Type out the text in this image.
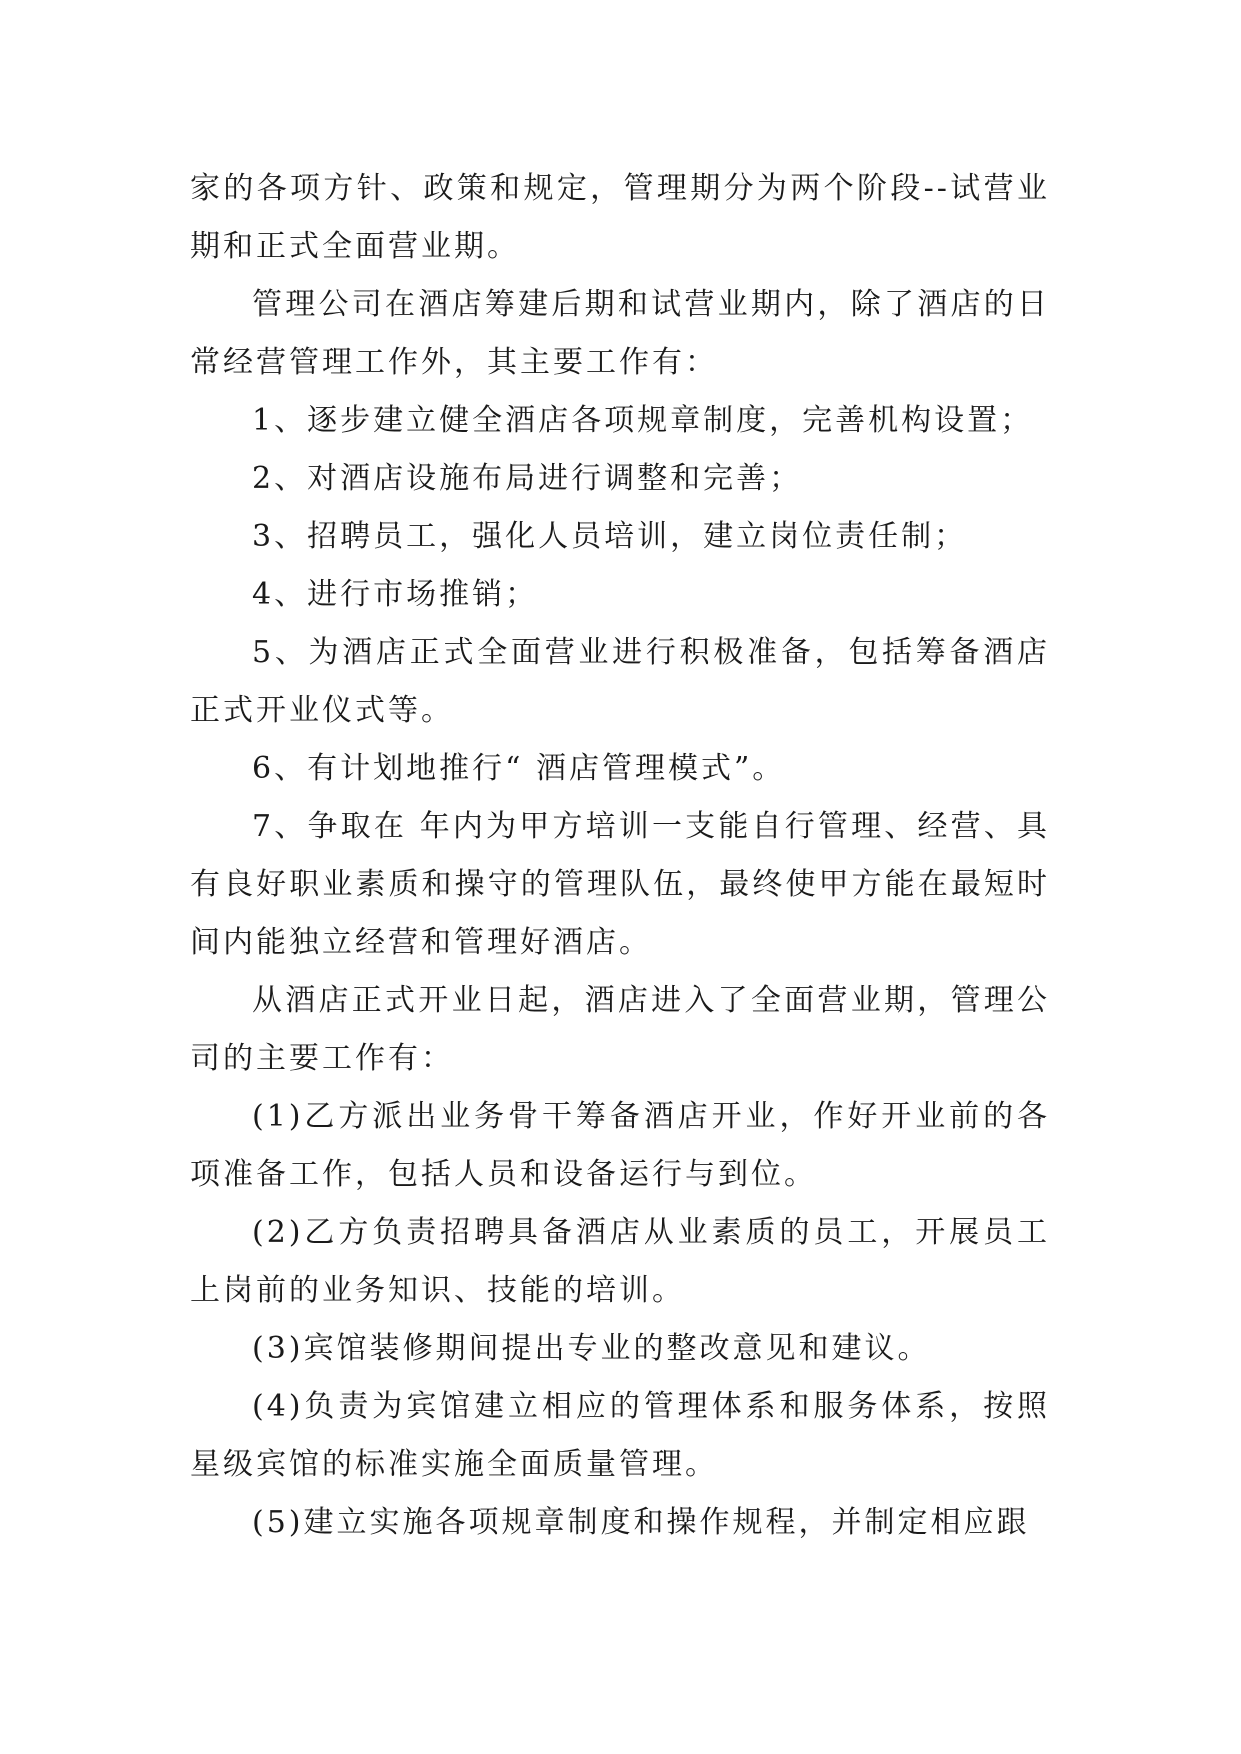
家的各项方针、政策和规定，管理期分为两个阶段--试营业期和正式全面营业期。

管理公司在酒店筹建后期和试营业期内，除了酒店的日常经营管理工作外，其主要工作有：

1、逐步建立健全酒店各项规章制度，完善机构设置；

2、对酒店设施布局进行调整和完善；

3、招聘员工，强化人员培训，建立岗位责任制；

4、进行市场推销；

5、为酒店正式全面营业进行积极准备，包括筹备酒店正式开业仪式等。

6、有计划地推行“ 酒店管理模式”。

7、争取在 年内为甲方培训一支能自行管理、经营、具有良好职业素质和操守的管理队伍，最终使甲方能在最短时间内能独立经营和管理好酒店。

从酒店正式开业日起，酒店进入了全面营业期，管理公司的主要工作有：

(1)乙方派出业务骨干筹备酒店开业，作好开业前的各项准备工作，包括人员和设备运行与到位。

(2)乙方负责招聘具备酒店从业素质的员工，开展员工上岗前的业务知识、技能的培训。

(3)宾馆装修期间提出专业的整改意见和建议。

(4)负责为宾馆建立相应的管理体系和服务体系，按照星级宾馆的标准实施全面质量管理。

(5)建立实施各项规章制度和操作规程，并制定相应跟
